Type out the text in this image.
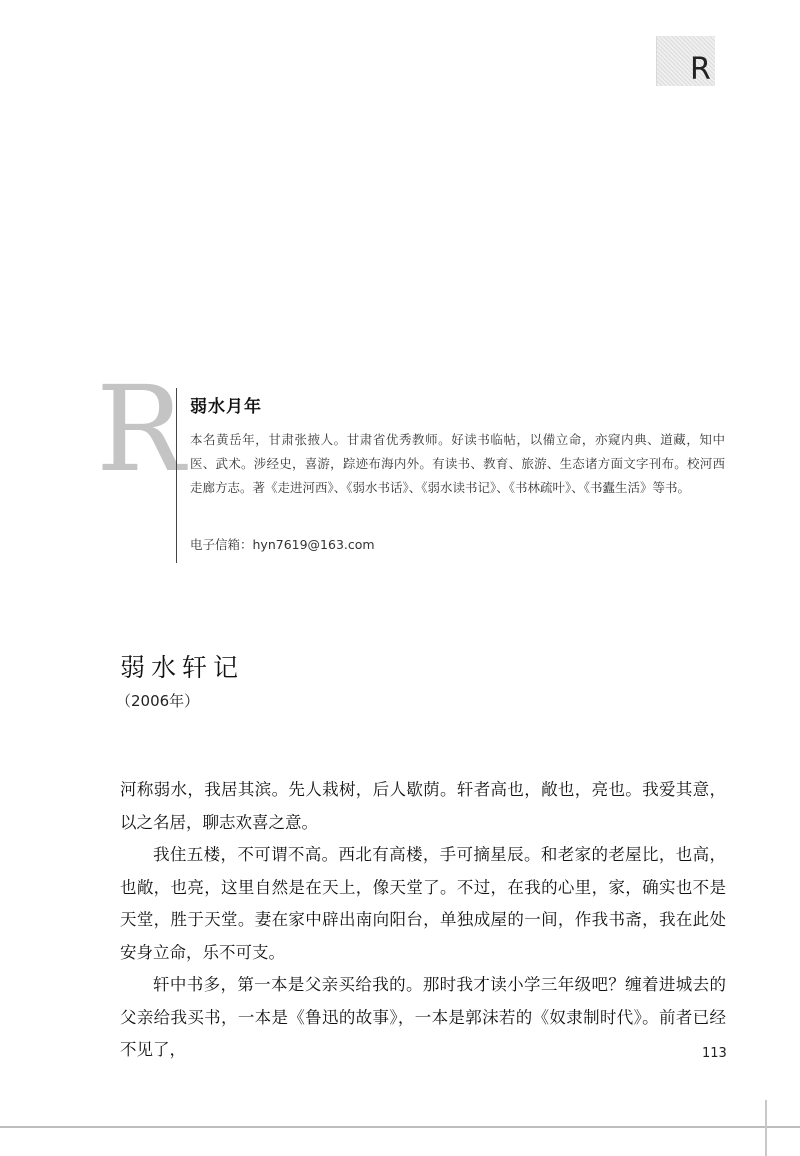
R
R 弱水月年
本名黄岳年，甘肃张掖人。甘肃省优秀教师。好读书临帖，以備立命，亦窥内典、道藏，知中医、武术。涉经史，喜游，踪迹布海内外。有读书、教育、旅游、生态诸方面文字刊布。校河西走廊方志。著《走进河西》、《弱水书话》、《弱水读书记》、《书林疏叶》、《书蠹生活》等书。
电子信箱：hyn7619@163.com
弱水轩记
（2006年）

河称弱水，我居其滨。先人栽树，后人歇荫。轩者高也，敞也，亮也。我爱其意，以之名居，聊志欢喜之意。

我住五楼，不可谓不高。西北有高楼，手可摘星辰。和老家的老屋比，也高，也敞，也亮，这里自然是在天上，像天堂了。不过，在我的心里，家，确实也不是天堂，胜于天堂。妻在家中辟出南向阳台，单独成屋的一间，作我书斋，我在此处安身立命，乐不可支。

轩中书多，第一本是父亲买给我的。那时我才读小学三年级吧？缠着进城去的父亲给我买书，一本是《鲁迅的故事》，一本是郭沫若的《奴隶制时代》。前者已经不见了，	113
